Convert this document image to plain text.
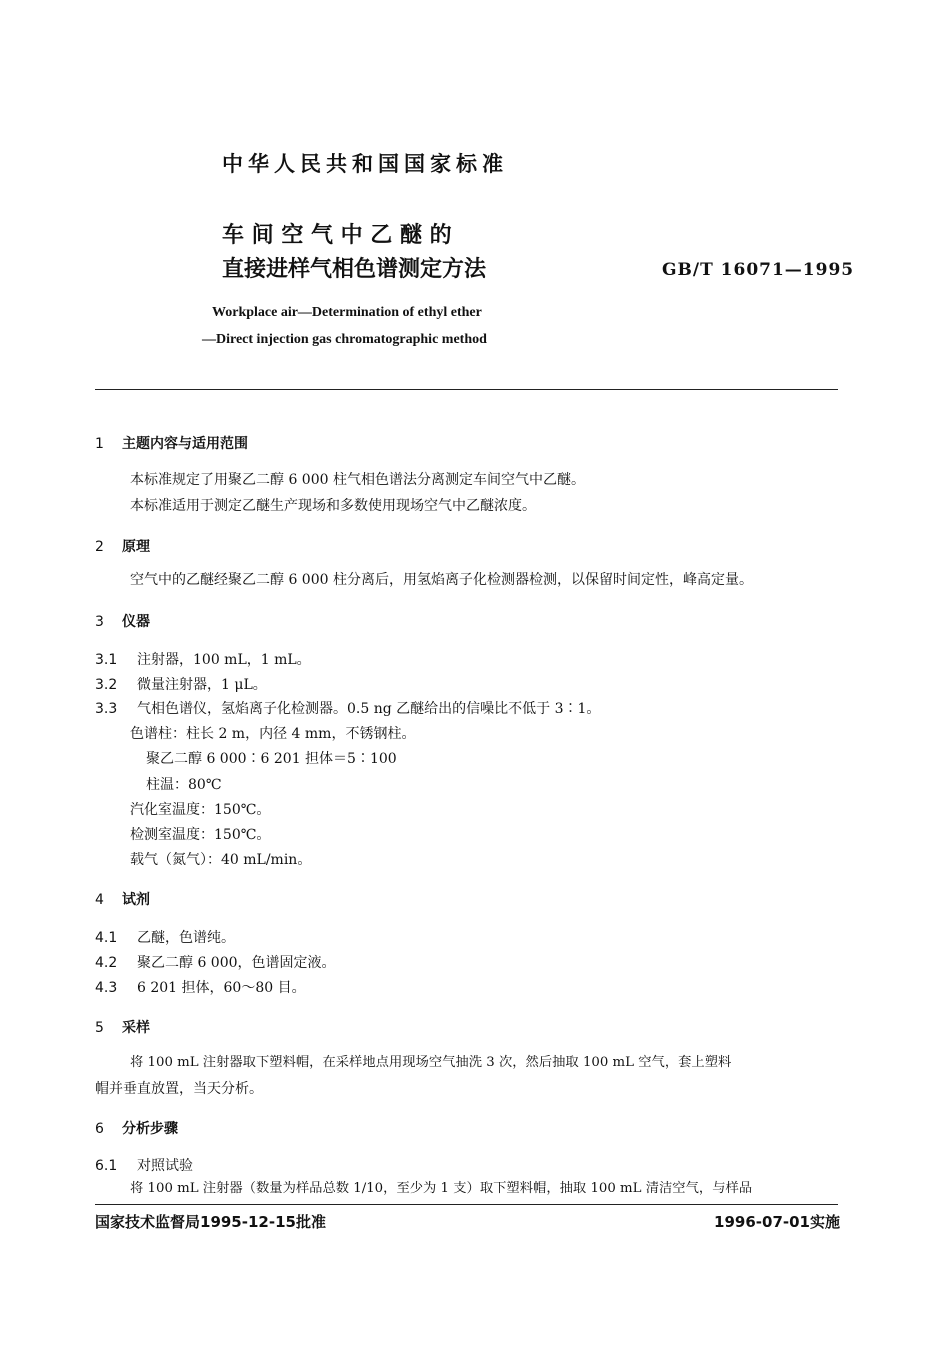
中华人民共和国国家标准
车 间 空 气 中 乙 醚 的
直接进样气相色谱测定方法	GB/T 16071—1995
Workplace air—Determination of ethyl ether
—Direct injection gas chromatographic method
1 主题内容与适用范围
本标准规定了用聚乙二醇 6 000 柱气相色谱法分离测定车间空气中乙醚。
本标准适用于测定乙醚生产现场和多数使用现场空气中乙醚浓度。
2 原理
空气中的乙醚经聚乙二醇 6 000 柱分离后，用氢焰离子化检测器检测，以保留时间定性，峰高定量。
3 仪器
3.1 注射器，100 mL，1 mL。
3.2 微量注射器，1 μL。
3.3 气相色谱仪，氢焰离子化检测器。0.5 ng 乙醚给出的信噪比不低于 3∶1。
色谱柱：柱长 2 m，内径 4 mm，不锈钢柱。
聚乙二醇 6 000∶6 201 担体＝5∶100
柱温：80℃
汽化室温度：150℃。
检测室温度：150℃。
载气（氮气）：40 mL/min。
4 试剂
4.1 乙醚，色谱纯。
4.2 聚乙二醇 6 000，色谱固定液。
4.3 6 201 担体，60～80 目。
5 采样
将 100 mL 注射器取下塑料帽，在采样地点用现场空气抽洗 3 次，然后抽取 100 mL 空气，套上塑料
帽并垂直放置，当天分析。
6 分析步骤
6.1 对照试验
将 100 mL 注射器（数量为样品总数 1/10，至少为 1 支）取下塑料帽，抽取 100 mL 清洁空气，与样品
国家技术监督局1995-12-15批准	1996-07-01实施
